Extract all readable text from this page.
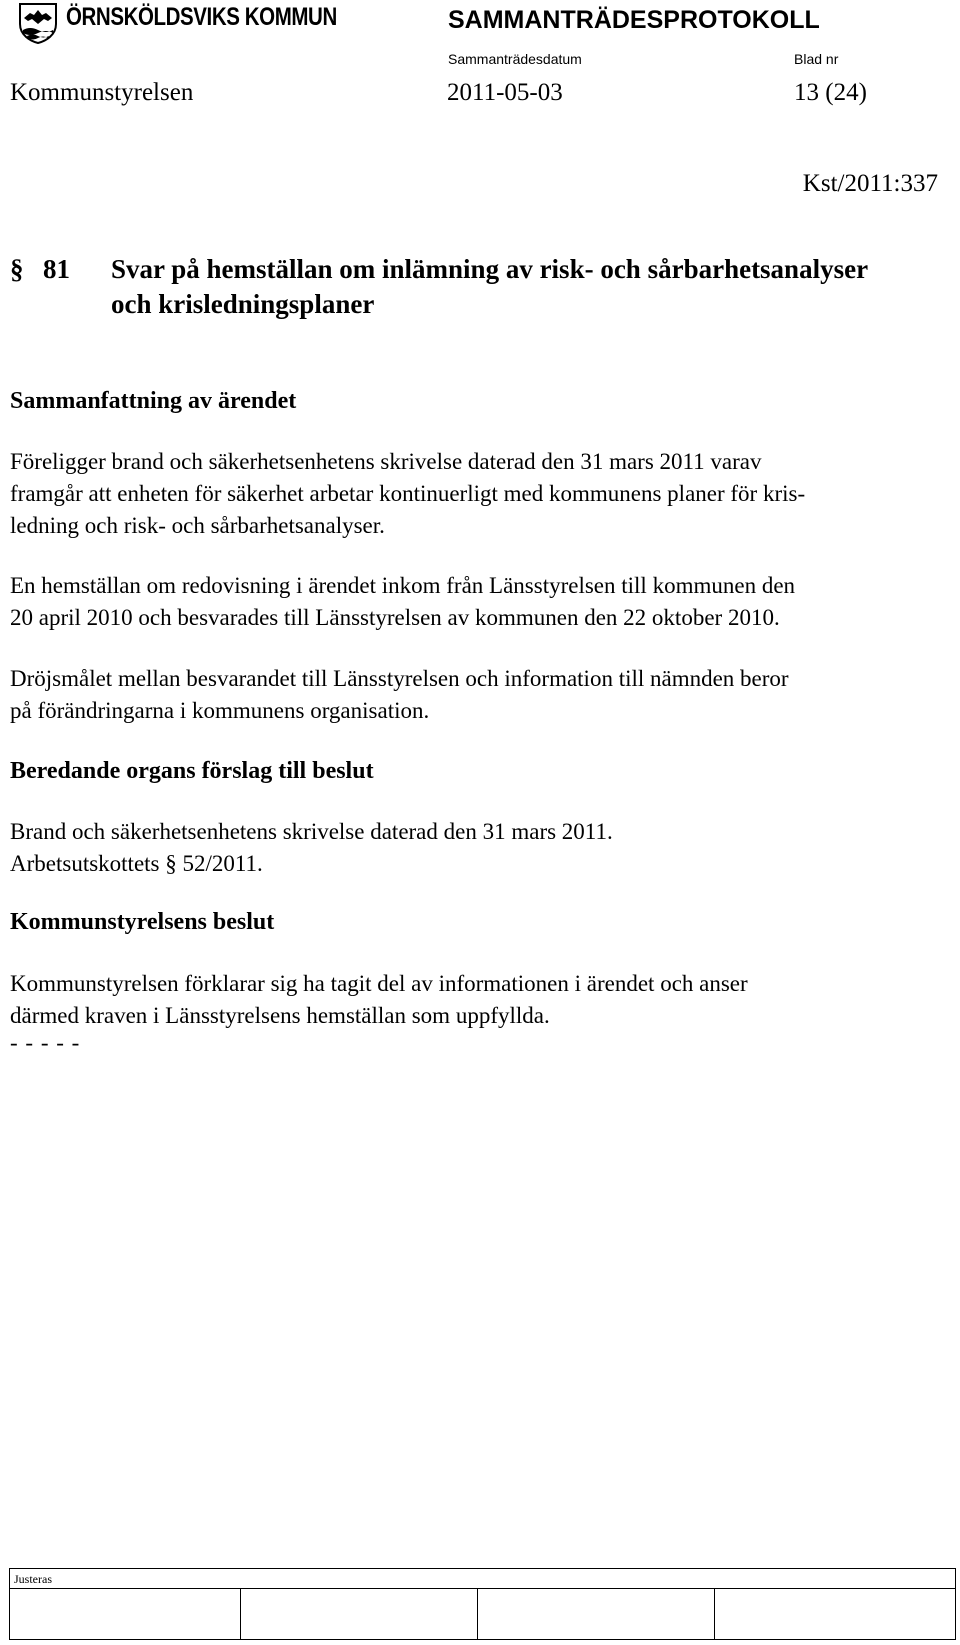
ÖRNSKÖLDSVIKS KOMMUN	SAMMANTRÄDESPROTOKOLL
Sammanträdesdatum	Blad nr
Kommunstyrelsen	2011-05-03	13 (24)
Kst/2011:337
§ 81 Svar på hemställan om inlämning av risk- och sårbarhetsanalyser
och krisledningsplaner
Sammanfattning av ärendet
Föreligger brand och säkerhetsenhetens skrivelse daterad den 31 mars 2011 varav
framgår att enheten för säkerhet arbetar kontinuerligt med kommunens planer för kris-
ledning och risk- och sårbarhetsanalyser.
En hemställan om redovisning i ärendet inkom från Länsstyrelsen till kommunen den
20 april 2010 och besvarades till Länsstyrelsen av kommunen den 22 oktober 2010.
Dröjsmålet mellan besvarandet till Länsstyrelsen och information till nämnden beror
på förändringarna i kommunens organisation.
Beredande organs förslag till beslut
Brand och säkerhetsenhetens skrivelse daterad den 31 mars 2011.
Arbetsutskottets § 52/2011.
Kommunstyrelsens beslut
Kommunstyrelsen förklarar sig ha tagit del av informationen i ärendet och anser
därmed kraven i Länsstyrelsens hemställan som uppfyllda.
- - - - -
Justeras
